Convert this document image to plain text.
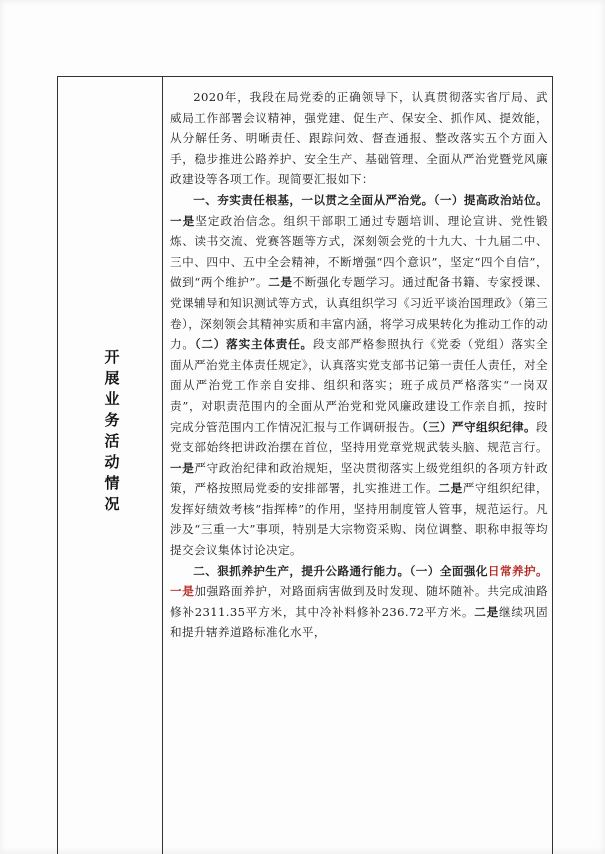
开展业务活动情况

2020年，我段在局党委的正确领导下，认真贯彻落实省厅局、武威局工作部署会议精神，强党建、促生产、保安全、抓作风、提效能，从分解任务、明晰责任、跟踪问效、督查通报、整改落实五个方面入手，稳步推进公路养护、安全生产、基础管理、全面从严治党暨党风廉政建设等各项工作。现简要汇报如下：

一、夯实责任根基，一以贯之全面从严治党。（一）提高政治站位。一是坚定政治信念。组织干部职工通过专题培训、理论宣讲、党性锻炼、读书交流、党赛答题等方式，深刻领会党的十九大、十九届二中、三中、四中、五中全会精神，不断增强“四个意识”，坚定“四个自信”，做到“两个维护”。二是不断强化专题学习。通过配备书籍、专家授课、党课辅导和知识测试等方式，认真组织学习《习近平谈治国理政》（第三卷），深刻领会其精神实质和丰富内涵，将学习成果转化为推动工作的动力。（二）落实主体责任。段支部严格参照执行《党委（党组）落实全面从严治党主体责任规定》，认真落实党支部书记第一责任人责任，对全面从严治党工作亲自安排、组织和落实；班子成员严格落实“一岗双责”，对职责范围内的全面从严治党和党风廉政建设工作亲自抓，按时完成分管范围内工作情况汇报与工作调研报告。（三）严守组织纪律。段党支部始终把讲政治摆在首位，坚持用党章党规武装头脑、规范言行。一是严守政治纪律和政治规矩，坚决贯彻落实上级党组织的各项方针政策，严格按照局党委的安排部署，扎实推进工作。二是严守组织纪律，发挥好绩效考核“指挥棒”的作用，坚持用制度管人管事，规范运行。凡涉及“三重一大”事项，特别是大宗物资采购、岗位调整、职称申报等均提交会议集体讨论决定。

二、狠抓养护生产，提升公路通行能力。（一）全面强化日常养护。一是加强路面养护，对路面病害做到及时发现、随坏随补。共完成油路修补2311.35平方米，其中冷补料修补236.72平方米。二是继续巩固和提升辖养道路标准化水平，
